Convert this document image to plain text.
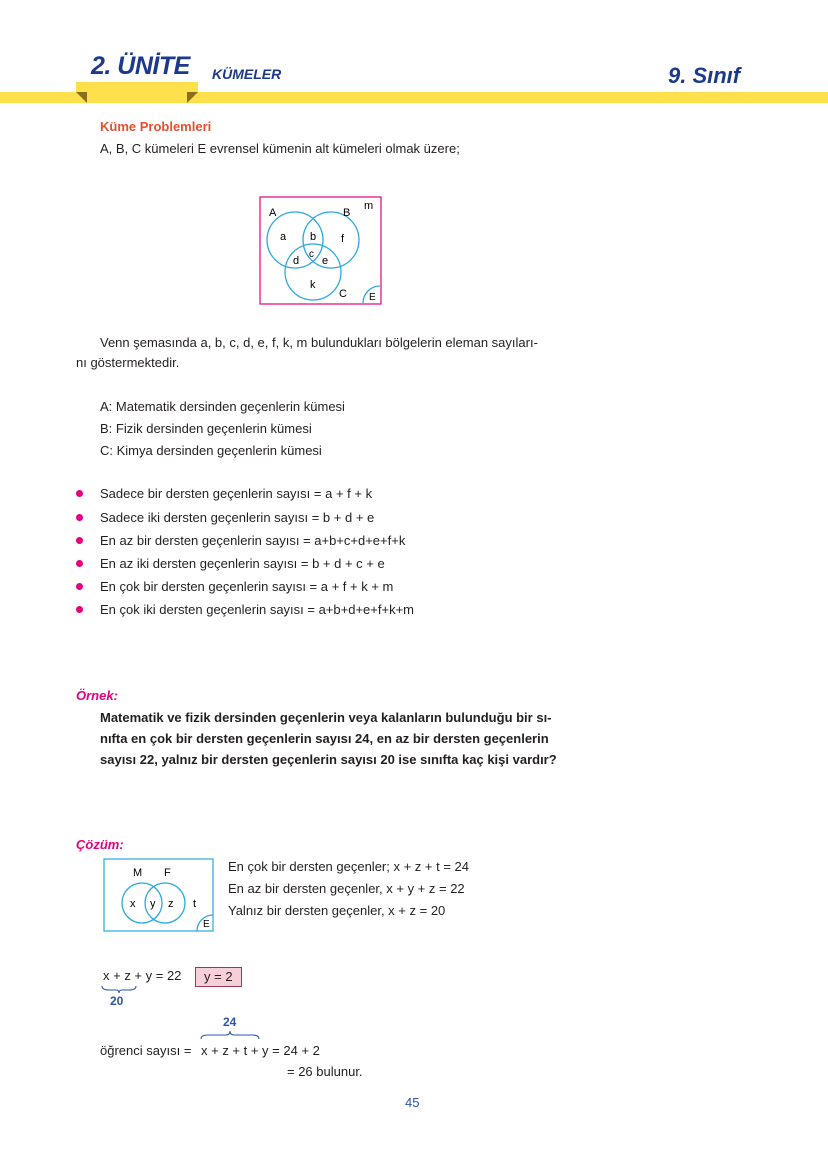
2. ÜNİTE KÜMELER	9. Sınıf
Küme Problemleri
A, B, C kümeleri E evrensel kümenin alt kümeleri olmak üzere;
A	B
C E
m
a b f
c
d e
k
Venn şemasında a, b, c, d, e, f, k, m bulundukları bölgelerin eleman sayıları-
nı göstermektedir.
A: Matematik dersinden geçenlerin kümesi
B: Fizik dersinden geçenlerin kümesi
C: Kimya dersinden geçenlerin kümesi
Sadece bir dersten geçenlerin sayısı = a + f + k
Sadece iki dersten geçenlerin sayısı = b + d + e
En az bir dersten geçenlerin sayısı = a+b+c+d+e+f+k
En az iki dersten geçenlerin sayısı = b + d + c + e
En çok bir dersten geçenlerin sayısı = a + f + k + m
En çok iki dersten geçenlerin sayısı = a+b+d+e+f+k+m
Örnek:
Matematik ve fizik dersinden geçenlerin veya kalanların bulunduğu bir sı-
nıfta en çok bir dersten geçenlerin sayısı 24, en az bir dersten geçenlerin
sayısı 22, yalnız bir dersten geçenlerin sayısı 20 ise sınıfta kaç kişi vardır?
Çözüm:
M F
E
x y z t
En çok bir dersten geçenler; x + z + t = 24
En az bir dersten geçenler, x + y + z = 22
Yalnız bir dersten geçenler, x + z = 20
x + z + y = 22
20
y = 2
24
öğrenci sayısı = x + z + t + y = 24 + 2
= 26 bulunur.
45
